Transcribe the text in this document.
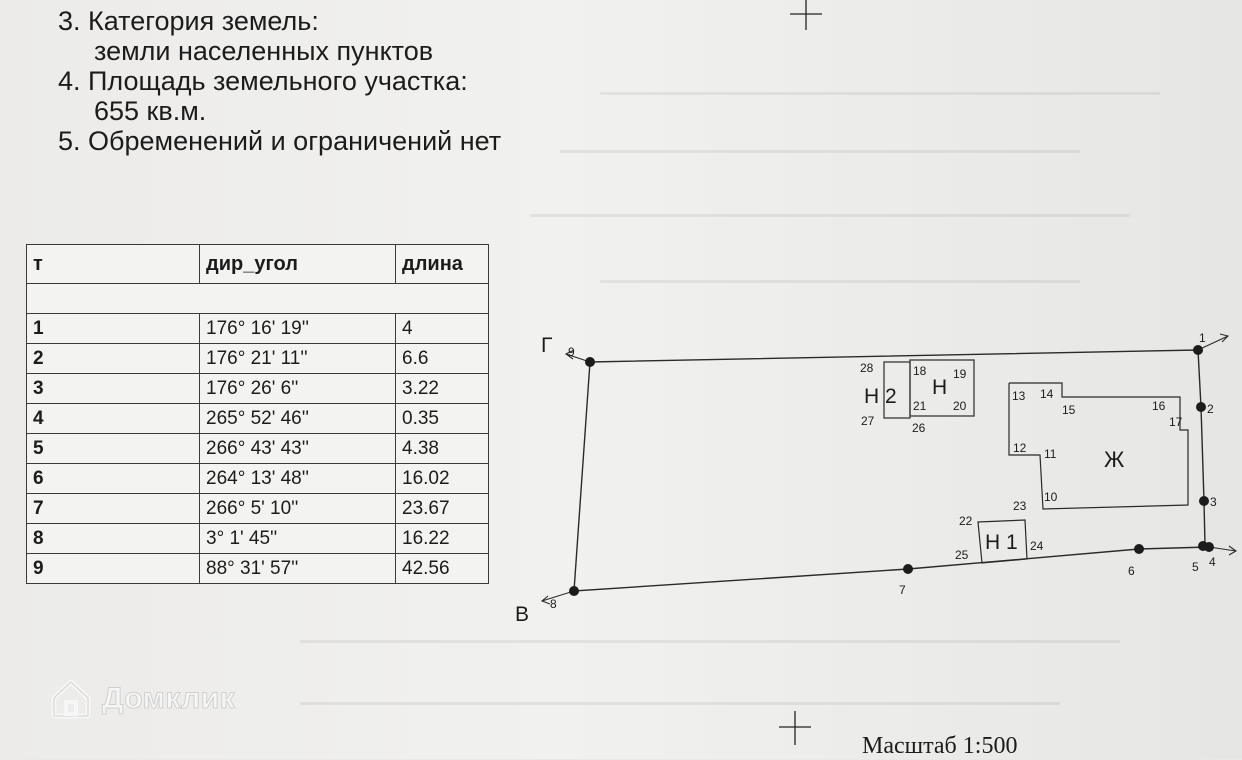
3. Категория земель:
земли населенных пунктов
4. Площадь земельного участка:
655 кв.м.
5. Обременений и ограничений нет
т	дир_угол	длина

1	176° 16' 19''	4
2	176° 21' 11''	6.6
3	176° 26' 6''	3.22
4	265° 52' 46''	0.35
5	266° 43' 43''	4.38
6	264° 13' 48''	16.02
7	266° 5' 10''	23.67
8	3° 1' 45''	16.22
9	88° 31' 57''	42.56
Г
В
1
2
3
4
5
6
7
8
9
10
11
12
13 14
15	16
17
18 19
20
21
22
23
24
25
26
27
28
Н 2 Н
Ж
Н 1
Масштаб 1:500
Домклик
